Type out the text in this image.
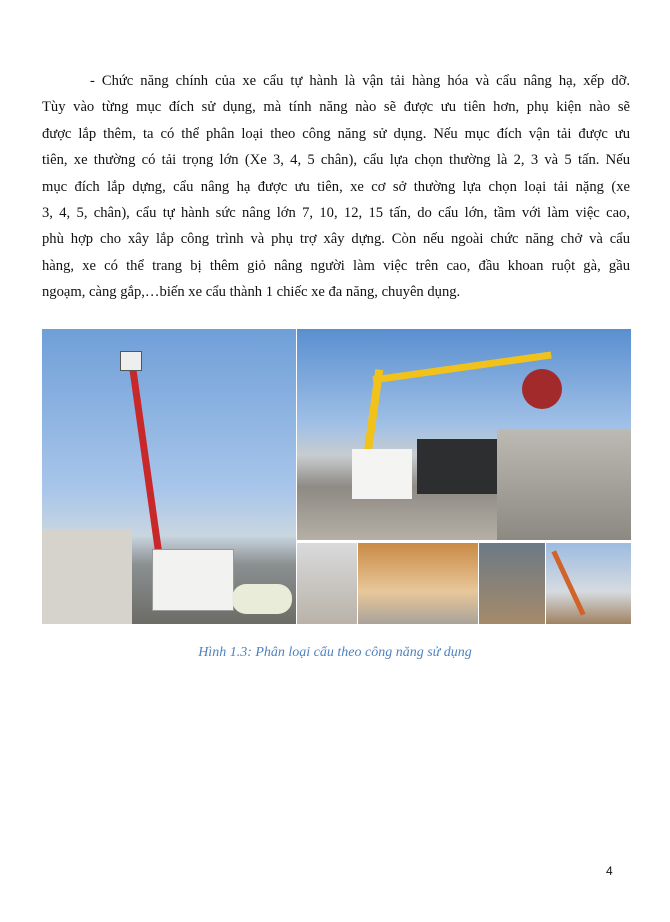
- Chức năng chính của xe cẩu tự hành là vận tải hàng hóa và cẩu nâng hạ, xếp dỡ.
Tùy vào từng mục đích sử dụng, mà tính năng nào sẽ được ưu tiên hơn, phụ kiện nào sẽ
được lắp thêm, ta có thể phân loại theo công năng sử dụng. Nếu mục đích vận tải được ưu
tiên, xe thường có tải trọng lớn (Xe 3, 4, 5 chân), cẩu lựa chọn thường là 2, 3 và 5 tấn. Nếu
mục đích lắp dựng, cẩu nâng hạ được ưu tiên, xe cơ sở thường lựa chọn loại tải nặng (xe
3, 4, 5, chân), cẩu tự hành sức nâng lớn 7, 10, 12, 15 tấn, do cẩu lớn, tầm với làm việc cao,
phù hợp cho xây lắp công trình và phụ trợ xây dựng. Còn nếu ngoài chức năng chở và cẩu
hàng, xe có thể trang bị thêm giỏ nâng người làm việc trên cao, đầu khoan ruột gà, gầu
ngoạm, càng gắp,…biến xe cẩu thành 1 chiếc xe đa năng, chuyên dụng.
Hình 1.3: Phân loại cẩu theo công năng sử dụng
4
